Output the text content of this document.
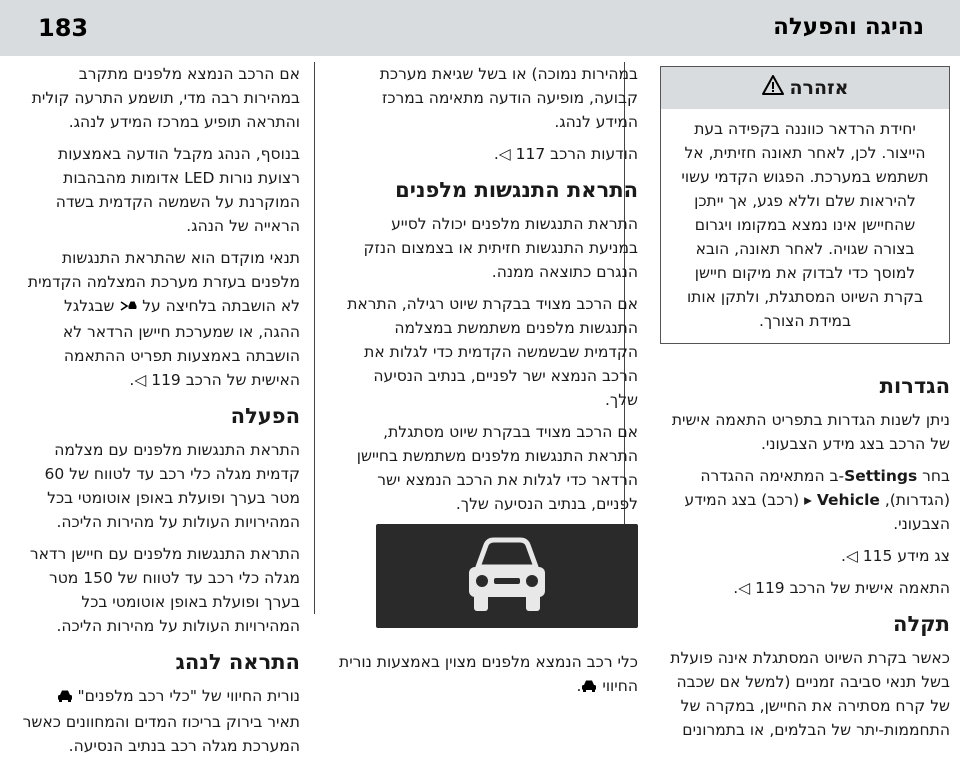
183	נהיגה והפעלה
אזהרה
יחידת הרדאר כווננה בקפידה בעת הייצור. לכן, לאחר תאונה חזיתית, אל תשתמש במערכת. הפגוש הקדמי עשוי להיראות שלם וללא פגע, אך ייתכן שהחיישן אינו נמצא במקומו ויגרום בצורה שגויה. לאחר תאונה, הובא למוסך כדי לבדוק את מיקום חיישן בקרת השיוט המסתגלת, ולתקן אותו במידת הצורך.
הגדרות

ניתן לשנות הגדרות בתפריט התאמה אישית של הרכב בצג מידע הצבעוני.

בחר Settings-ב המתאימה ההגדרה (הגדרות), Vehicle ▸ (רכב) בצג המידע הצבעוני.

צג מידע 115 ◁.

התאמה אישית של הרכב 119 ◁.

תקלה

כאשר בקרת השיוט המסתגלת אינה פועלת בשל תנאי סביבה זמניים (למשל אם שכבה של קרח מסתירה את החיישן, במקרה של התחממות-יתר של הבלמים, או בתמרונים

במהירות נמוכה) או בשל שגיאת מערכת קבועה, מופיעה הודעה מתאימה במרכז המידע לנהג.

הודעות הרכב 117 ◁.

התראת התנגשות מלפנים

התראת התנגשות מלפנים יכולה לסייע במניעת התנגשות חזיתית או בצמצום הנזק הנגרם כתוצאה ממנה.

אם הרכב מצויד בבקרת שיוט רגילה, התראת התנגשות מלפנים משתמשת במצלמה הקדמית שבשמשה הקדמית כדי לגלות את הרכב הנמצא ישר לפניים, בנתיב הנסיעה שלך.

אם הרכב מצויד בבקרת שיוט מסתגלת, התראת התנגשות מלפנים משתמשת בחיישן הרדאר כדי לגלות את הרכב הנמצא ישר לפניים, בנתיב הנסיעה שלך.

כלי רכב הנמצא מלפנים מצוין באמצעות נורית החיווי .

אם הרכב הנמצא מלפנים מתקרב במהירות רבה מדי, תושמע התרעה קולית והתראה תופיע במרכז המידע לנהג.

בנוסף, הנהג מקבל הודעה באמצעות רצועת נורות LED אדומות מהבהבות המוקרנת על השמשה הקדמית בשדה הראייה של הנהג.

תנאי מוקדם הוא שהתראת התנגשות מלפנים בעזרת מערכת המצלמה הקדמית לא הושבתה בלחיצה על  שבגלגל ההגה, או שמערכת חיישן הרדאר לא הושבתה באמצעות תפריט ההתאמה האישית של הרכב 119 ◁.

הפעלה

התראת התנגשות מלפנים עם מצלמה קדמית מגלה כלי רכב עד לטווח של 60 מטר בערך ופועלת באופן אוטומטי בכל המהירויות העולות על מהירות הליכה.

התראת התנגשות מלפנים עם חיישן רדאר מגלה כלי רכב עד לטווח של 150 מטר בערך ופועלת באופן אוטומטי בכל המהירויות העולות על מהירות הליכה.

התראה לנהג

נורית החיווי של "כלי רכב מלפנים"  תאיר בירוק בריכוז המדים והמחוונים כאשר המערכת מגלה רכב בנתיב הנסיעה.
